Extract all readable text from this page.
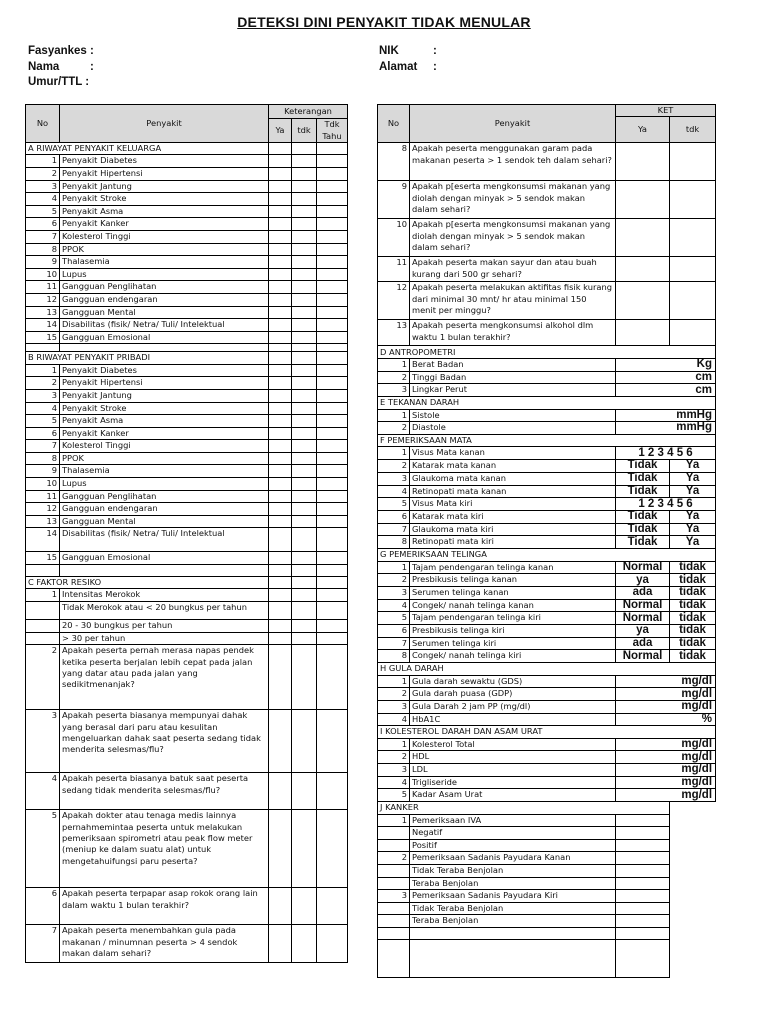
DETEKSI DINI PENYAKIT TIDAK MENULAR
Fasyankes :
Nama	:
Umur/TTL :
NIK	:
Alamat :
No	Penyakit	Keterangan		
		Ya	tdk	Tdk Tahu

A RIWAYAT PENYAKIT KELUARGA				
1	Penyakit Diabetes			
2	Penyakit Hipertensi			
3	Penyakit Jantung			
4	Penyakit Stroke			
5	Penyakit Asma			
6	Penyakit Kanker			
7	Kolesterol Tinggi			
8	PPOK			
9	Thalasemia			
10	Lupus			
11	Gangguan Penglihatan			
12	Gangguan endengaran			
13	Gangguan Mental			
14	Disabilitas (fisik/ Netra/ Tuli/ Intelektual			
15	Gangguan Emosional			

B RIWAYAT PENYAKIT PRIBADI				
1	Penyakit Diabetes			
2	Penyakit Hipertensi			
3	Penyakit Jantung			
4	Penyakit Stroke			
5	Penyakit Asma			
6	Penyakit Kanker			
7	Kolesterol Tinggi			
8	PPOK			
9	Thalasemia			
10	Lupus			
11	Gangguan Penglihatan			
12	Gangguan endengaran			
13	Gangguan Mental			
14	Disabilitas (fisik/ Netra/ Tuli/ Intelektual			
15	Gangguan Emosional			

C FAKTOR RESIKO				
1	Intensitas Merokok			
	Tidak Merokok atau < 20 bungkus per tahun			
	20 - 30 bungkus per tahun			
	> 30 per tahun			
2	Apakah peserta pernah merasa napas pendek ketika peserta berjalan lebih cepat pada jalan yang datar atau pada jalan yang sedikitmenanjak?			
3	Apakah peserta biasanya mempunyai dahak yang berasal dari paru atau kesulitan mengeluarkan dahak saat peserta sedang tidak menderita selesmas/flu?			
4	Apakah peserta biasanya batuk saat peserta sedang tidak menderita selesmas/flu?			
5	Apakah dokter atau tenaga medis lainnya pernahmemintaa peserta untuk melakukan pemeriksaan spirometri atau peak flow meter (meniup ke dalam suatu alat) untuk mengetahuifungsi paru peserta?			
6	Apakah peserta terpapar asap rokok orang lain dalam waktu 1 bulan terakhir?			
7	Apakah peserta menembahkan gula pada makanan / minumnan peserta > 4 sendok makan dalam sehari?			
No	Penyakit	KET	
		Ya	tdk
8	Apakah peserta menggunakan garam pada makanan peserta > 1 sendok teh dalam sehari?		
9	Apakah p[eserta mengkonsumsi makanan yang diolah dengan minyak > 5 sendok makan dalam sehari?		
10	Apakah p[eserta mengkonsumsi makanan yang diolah dengan minyak > 5 sendok makan dalam sehari?		
11	Apakah peserta makan sayur dan atau buah kurang dari 500 gr sehari?		
12	Apakah peserta melakukan aktifitas fisik kurang dari minimal 30 mnt/ hr atau minimal 150 menit per minggu?		
13	Apakah peserta mengkonsumsi alkohol dlm waktu 1 bulan terakhir?		
D ANTROPOMETRI			
1	Berat Badan	Kg	
2	Tinggi Badan	cm	
3	Lingkar Perut	cm	
E TEKANAN DARAH			
1	Sistole	mmHg	
2	Diastole	mmHg	
F PEMERIKSAAN MATA			
1	Visus Mata kanan	1 2 3 4 5 6	
2	Katarak mata kanan	Tidak	Ya
3	Glaukoma mata kanan	Tidak	Ya
4	Retinopati mata kanan	Tidak	Ya
5	Visus Mata kiri	1 2 3 4 5 6	
6	Katarak mata kiri	Tidak	Ya
7	Glaukoma mata kiri	Tidak	Ya
8	Retinopati mata kiri	Tidak	Ya
G PEMERIKSAAN TELINGA			
1	Tajam pendengaran telinga kanan	Normal	tidak
2	Presbikusis telinga kanan	ya	tidak
3	Serumen telinga kanan	ada	tidak
4	Congek/ nanah telinga kanan	Normal	tidak
5	Tajam pendengaran telinga kiri	Normal	tidak
6	Presbikusis telinga kiri	ya	tidak
7	Serumen telinga kiri	ada	tidak
8	Congek/ nanah telinga kiri	Normal	tidak
H GULA DARAH			
1	Gula darah sewaktu (GDS)	mg/dl	
2	Gula darah puasa (GDP)	mg/dl	
3	Gula Darah 2 jam PP (mg/dl)	mg/dl	
4	HbA1C	%	
I KOLESTEROL DARAH DAN ASAM URAT			
1	Kolesterol Total	mg/dl	
2	HDL	mg/dl	
3	LDL	mg/dl	
4	Trigliseride	mg/dl	
5	Kadar Asam Urat	mg/dl	
J KANKER			
1	Pemeriksaan IVA		
	Negatif		
	Positif		
2	Pemeriksaan Sadanis Payudara Kanan		
	Tidak Teraba Benjolan		
	Teraba Benjolan		
3	Pemeriksaan Sadanis Payudara Kiri		
	Tidak Teraba Benjolan		
	Teraba Benjolan		
